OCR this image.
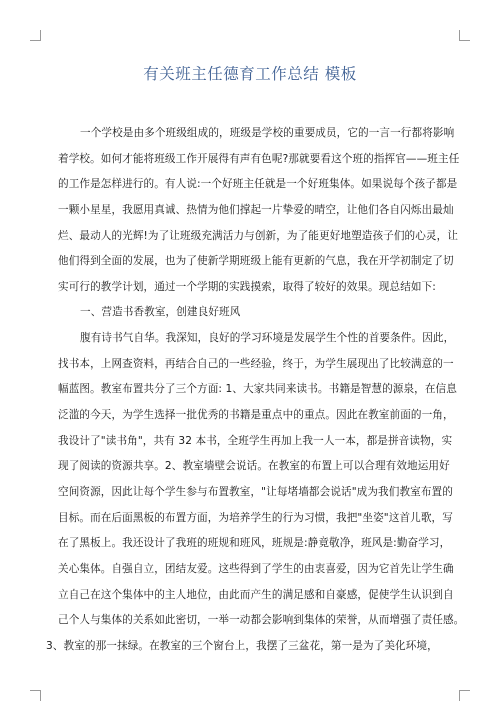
有关班主任德育工作总结 模板
一个学校是由多个班级组成的，班级是学校的重要成员，它的一言一行都将影响
着学校。如何才能将班级工作开展得有声有色呢?那就要看这个班的指挥官——班主任
的工作是怎样进行的。有人说:一个好班主任就是一个好班集体。如果说每个孩子都是
一颗小星星，我愿用真诚、热情为他们撑起一片挚爱的晴空，让他们各自闪烁出最灿
烂、最动人的光辉!为了让班级充满活力与创新，为了能更好地塑造孩子们的心灵，让
他们得到全面的发展，也为了使新学期班级上能有更新的气息，我在开学初制定了切
实可行的教学计划，通过一个学期的实践摸索，取得了较好的效果。现总结如下:
一、营造书香教室，创建良好班风
腹有诗书气自华。我深知，良好的学习环境是发展学生个性的首要条件。因此，
找书本，上网查资料，再结合自己的一些经验，终于，为学生展现出了比较满意的一
幅蓝图。教室布置共分了三个方面: 1、大家共同来读书。书籍是智慧的源泉，在信息
泛滥的今天，为学生选择一批优秀的书籍是重点中的重点。因此在教室前面的一角，
我设计了"读书角"，共有 32 本书，全班学生再加上我一人一本，都是拼音读物，实
现了阅读的资源共享。2、教室墙壁会说话。在教室的布置上可以合理有效地运用好
空间资源，因此让每个学生参与布置教室，"让每堵墙都会说话"成为我们教室布置的
目标。而在后面黑板的布置方面，为培养学生的行为习惯，我把"坐姿"这首儿歌，写
在了黑板上。我还设计了我班的班规和班风，班规是:静竟敬净，班风是:勤奋学习，
关心集体。自强自立，团结友爱。这些得到了学生的由衷喜爱，因为它首先让学生确
立自己在这个集体中的主人地位，由此而产生的满足感和自豪感，促使学生认识到自
己个人与集体的关系如此密切，一举一动都会影响到集体的荣誉，从而增强了责任感。
3、教室的那一抹绿。在教室的三个窗台上，我摆了三盆花，第一是为了美化环境，
